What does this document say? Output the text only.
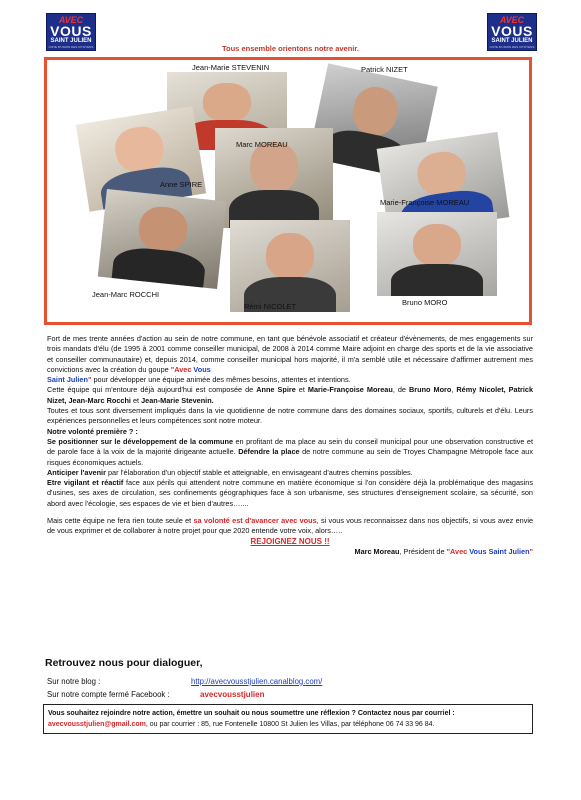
AVEC
VOUS
SAINT JULIEN
LISTE D'UNION DES CITOYENS
AVEC
VOUS
SAINT JULIEN
LISTE D'UNION DES CITOYENS
Tous ensemble orientons notre avenir.
Jean-Marie STEVENIN	Patrick NIZET
Anne SPIRE
Marc MOREAU
Marie-Françoise MOREAU
Jean-Marc ROCCHI
Rémi NICOLET	Bruno MORO

Fort de mes trente années d'action au sein de notre commune, en tant que bénévole associatif et créateur d'évènements, de mes engagements sur trois mandats d'élu (de 1995 à 2001 comme conseiller municipal, de 2008 à 2014 comme Maire adjoint en charge des sports et de la vie associative et conseiller communautaire) et, depuis 2014, comme conseiller municipal hors majorité, il m'a semblé utile et nécessaire d'affirmer autrement mes convictions avec la création du goupe "Avec Vous
Saint Julien" pour développer une équipe animée des mêmes besoins, attentes et intentions.

Cette équipe qui m'entoure déjà aujourd'hui est composée de Anne Spire et Marie-Françoise Moreau, de Bruno Moro, Rémy Nicolet, Patrick Nizet, Jean-Marc Rocchi et Jean-Marie Stevenin.

Toutes et tous sont diversement impliqués dans la vie quotidienne de notre commune dans des domaines sociaux, sportifs, culturels et d'élu. Leurs expériences personnelles et leurs compétences sont notre moteur.

Notre volonté première ? :

Se positionner sur le développement de la commune en profitant de ma place au sein du conseil municipal pour une observation constructive et de parole face à la voix de la majorité dirigeante actuelle. Défendre la place de notre commune au sein de Troyes Champagne Métropole face aux risques économiques actuels.

Anticiper l'avenir par l'élaboration d'un objectif stable et atteignable, en envisageant d'autres chemins possibles.

Etre vigilant et réactif face aux périls qui attendent notre commune en matière économique si l'on considère déjà la problématique des magasins d'usines, ses axes de circulation, ses confinements géographiques face à son urbanisme, ses structures d'enseignement scolaire, sa sécurité, son abord avec l'écologie, ses espaces de vie et bien d'autres…....

Mais cette équipe ne fera rien toute seule et sa volonté est d'avancer avec vous, si vous vous reconnaissez dans nos objectifs, si vous avez envie de vous exprimer et de collaborer à notre projet pour que 2020 entende votre voix, alors…..

REJOIGNEZ NOUS !!

Marc Moreau, Président de "Avec Vous Saint Julien"

Retrouvez nous pour dialoguer,
Sur notre blog :	http://avecvousstjulien.canalblog.com/
Sur notre compte fermé Facebook :	avecvousstjulien
Vous souhaitez rejoindre notre action, émettre un souhait ou nous soumettre une réflexion ? Contactez nous par courriel :
avecvousstjulien@gmail.com, ou par courrier : 85, rue Fontenelle 10800 St Julien les Villas, par téléphone 06 74 33 96 84.
